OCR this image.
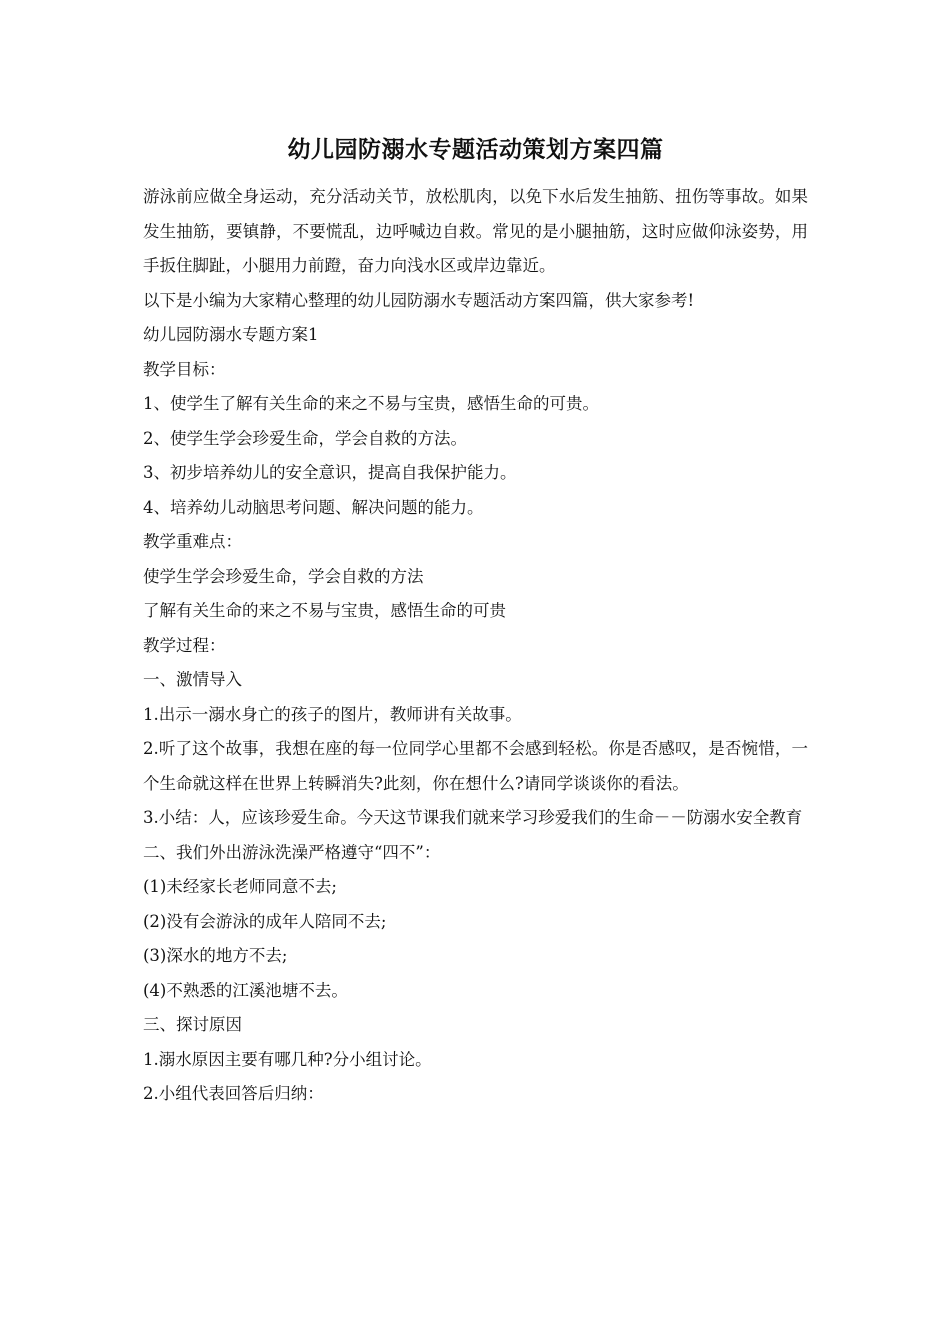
幼儿园防溺水专题活动策划方案四篇

游泳前应做全身运动，充分活动关节，放松肌肉，以免下水后发生抽筋、扭伤等事故。如果发生抽筋，要镇静，不要慌乱，边呼喊边自救。常见的是小腿抽筋，这时应做仰泳姿势，用手扳住脚趾，小腿用力前蹬，奋力向浅水区或岸边靠近。

以下是小编为大家精心整理的幼儿园防溺水专题活动方案四篇，供大家参考!

幼儿园防溺水专题方案1

教学目标：

1、使学生了解有关生命的来之不易与宝贵，感悟生命的可贵。

2、使学生学会珍爱生命，学会自救的方法。

3、初步培养幼儿的安全意识，提高自我保护能力。

4、培养幼儿动脑思考问题、解决问题的能力。

教学重难点：

使学生学会珍爱生命，学会自救的方法

了解有关生命的来之不易与宝贵，感悟生命的可贵

教学过程：

一、激情导入

1.出示一溺水身亡的孩子的图片，教师讲有关故事。

2.听了这个故事，我想在座的每一位同学心里都不会感到轻松。你是否感叹，是否惋惜，一个生命就这样在世界上转瞬消失?此刻，你在想什么?请同学谈谈你的看法。

3.小结：人，应该珍爱生命。今天这节课我们就来学习珍爱我们的生命－－防溺水安全教育

二、我们外出游泳洗澡严格遵守“四不”：

(1)未经家长老师同意不去;

(2)没有会游泳的成年人陪同不去;

(3)深水的地方不去;

(4)不熟悉的江溪池塘不去。

三、探讨原因

1.溺水原因主要有哪几种?分小组讨论。

2.小组代表回答后归纳：
